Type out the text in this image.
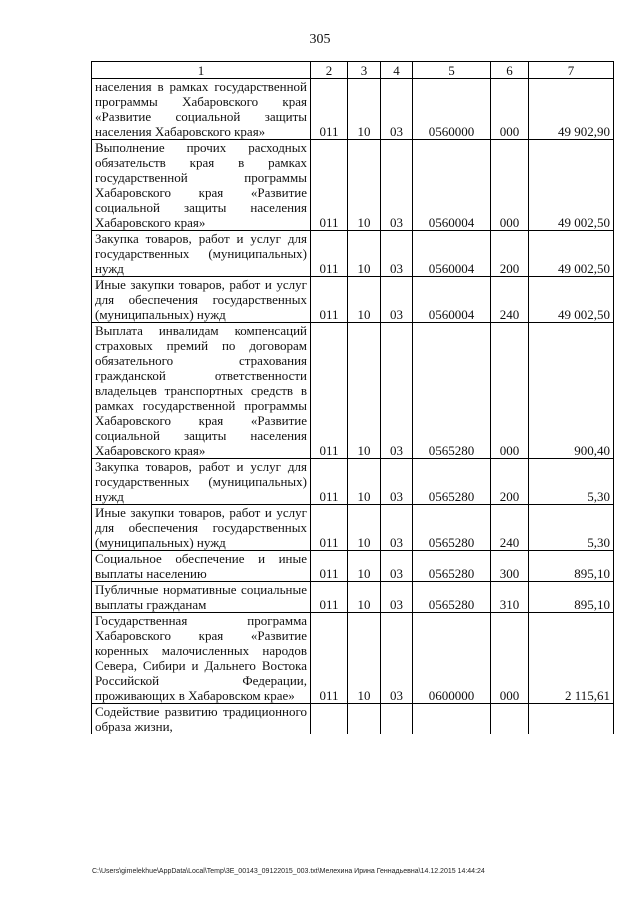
305
1	2	3	4	5	6	7
населения в рамках государственной программы Хабаровского края «Развитие социальной защиты населения Хабаровского края»	011	10	03	0560000	000	49 902,90
Выполнение прочих расходных обязательств края в рамках государственной программы Хабаровского края «Развитие социальной защиты населения Хабаровского края»	011	10	03	0560004	000	49 002,50
Закупка товаров, работ и услуг для государственных (муниципальных) нужд	011	10	03	0560004	200	49 002,50
Иные закупки товаров, работ и услуг для обеспечения государственных (муниципальных) нужд	011	10	03	0560004	240	49 002,50
Выплата инвалидам компенсаций страховых премий по договорам обязательного страхования гражданской ответственности владельцев транспортных средств в рамках государственной программы Хабаровского края «Развитие социальной защиты населения Хабаровского края»	011	10	03	0565280	000	900,40
Закупка товаров, работ и услуг для государственных (муниципальных) нужд	011	10	03	0565280	200	5,30
Иные закупки товаров, работ и услуг для обеспечения государственных (муниципальных) нужд	011	10	03	0565280	240	5,30
Социальное обеспечение и иные выплаты населению	011	10	03	0565280	300	895,10
Публичные нормативные социальные выплаты гражданам	011	10	03	0565280	310	895,10
Государственная программа Хабаровского края «Развитие коренных малочисленных народов Севера, Сибири и Дальнего Востока Российской Федерации, проживающих в Хабаровском крае»	011	10	03	0600000	000	2 115,61
Содействие развитию традиционного образа жизни,						
C:\Users\gimelekhue\AppData\Local\Temp\3E_00143_09122015_003.txt\Мелехина Ирина Геннадьевна\14.12.2015 14:44:24
